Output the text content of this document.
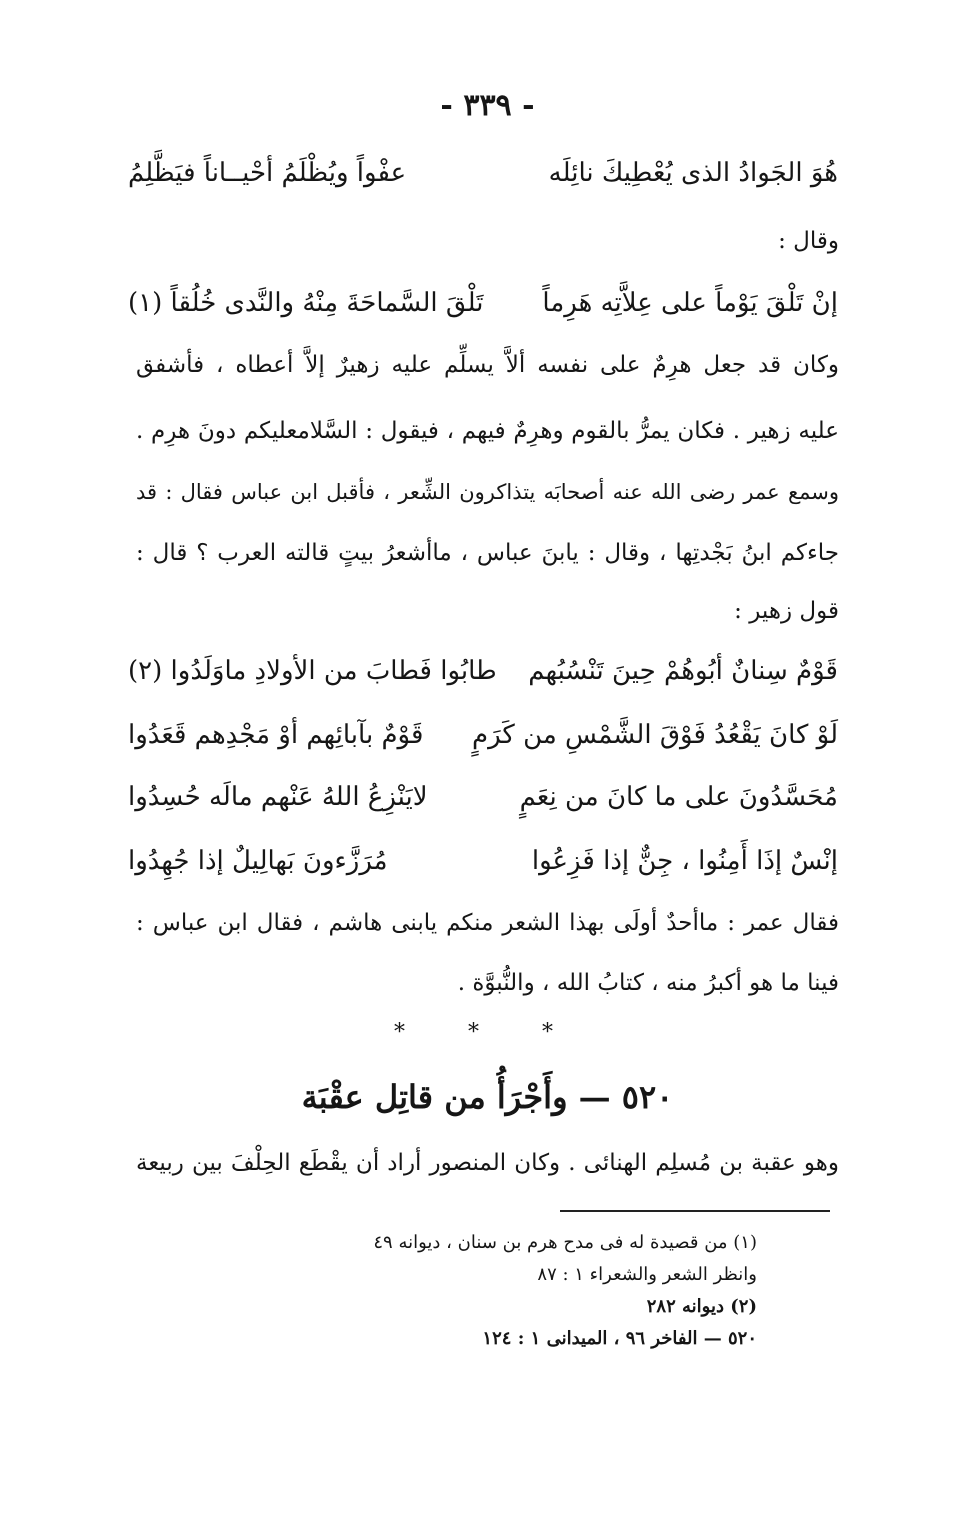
- ٣٣٩ -
هُوَ الجَوادُ الذى يُعْطِيكَ نائِلَه
عفْواً ويُظْلَمُ أحْيــاناً فيَظَّلِمُ
وقال :
إنْ تَلْقَ يَوْماً على عِلاَّتِه هَرِماً
تَلْقَ السَّماحَةَ مِنْهُ والنَّدى خُلُقاً (١)
وكان قد جعل هرِمٌ على نفسه ألاَّ يسلِّم عليه زهيرٌ إلاَّ أعطاه ، فأشفق
عليه زهير . فكان يمرُّ بالقوم وهرِمٌ فيهم ، فيقول : السَّلامعليكم دونَ هرِم .
وسمع عمر رضى الله عنه أصحابَه يتذاكرون الشِّعر ، فأقبل ابن عباس فقال : قد
جاءكم ابنُ بَجْدتِها ، وقال : يابنَ عباس ، ماأشعرُ بيتٍ قالته العرب ؟ قال :
قول زهير :
قَوْمٌ سِنانٌ أبُوهُمْ حِينَ تَنْسُبُهم
طابُوا فَطابَ من الأولادِ ماوَلَدُوا (٢)
لَوْ كانَ يَقْعُدُ فَوْقَ الشَّمْسِ من كَرَمٍ
قَوْمٌ بآبائِهم أوْ مَجْدِهم قَعَدُوا
مُحَسَّدُونَ على ما كانَ من نِعَمٍ
لايَنْزِعُ اللهُ عَنْهم مالَه حُسِدُوا
إنْسٌ إذَا أَمِنُوا ، جِنٌّ إذا فَزِعُوا
مُرَزَّءونَ بَهالِيلٌ إذا جُهِدُوا
فقال عمر : ماأحدٌ أولَى بهذا الشعر منكم يابنى هاشم ، فقال ابن عباس :
فينا ما هو أكبرُ منه ، كتابُ الله ، والنُّبوَّة .
* * *
٥٢٠ — وأَجْرَأُ من قاتِل عقْبَة
وهو عقبة بن مُسلِم الهنائى . وكان المنصور أراد أن يقْطَع الحِلْفَ بين ربيعة
(١) من قصيدة له فى مدح هرم بن سنان ، ديوانه ٤٩
وانظر الشعر والشعراء ١ : ٨٧
(٢) ديوانه ٢٨٢
٥٢٠ — الفاخر ٩٦ ، الميدانى ١ : ١٢٤
